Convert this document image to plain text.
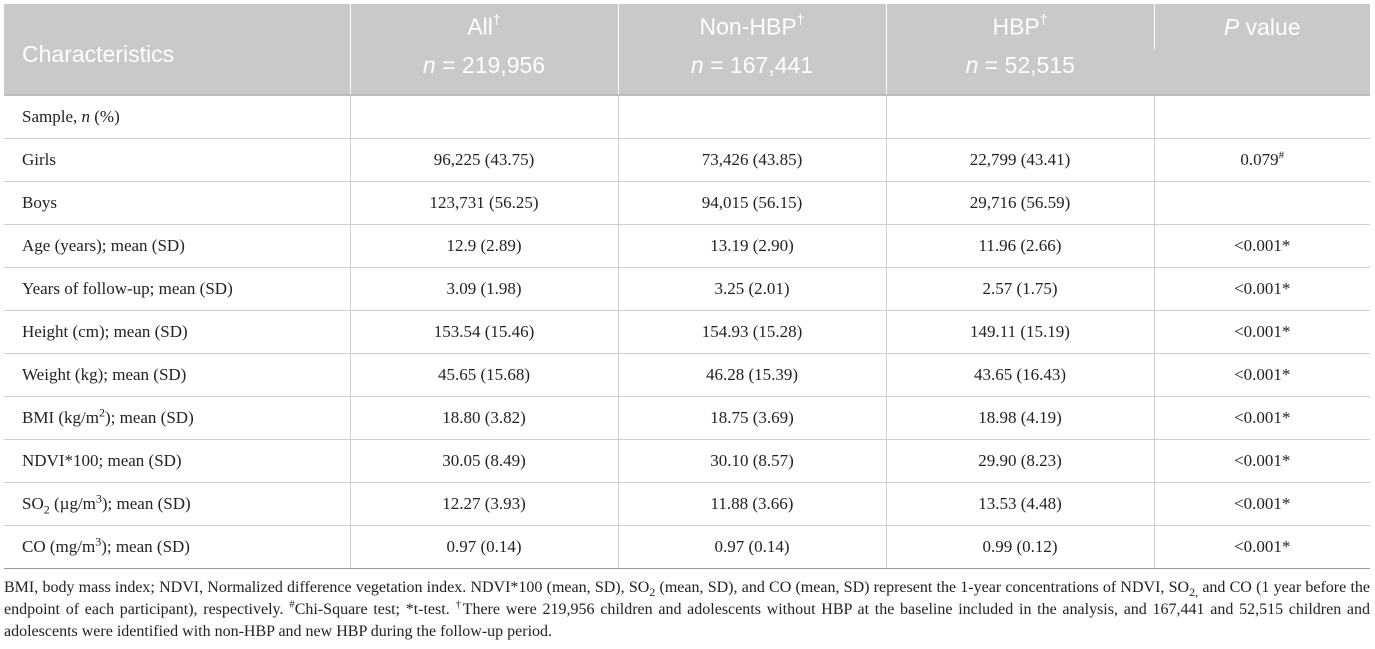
Characteristics	All†	Non-HBP†	HBP†	P value
	n = 219,956	n = 167,441	n = 52,515	
Sample, n (%)				
Girls	96,225 (43.75)	73,426 (43.85)	22,799 (43.41)	0.079#
Boys	123,731 (56.25)	94,015 (56.15)	29,716 (56.59)	
Age (years); mean (SD)	12.9 (2.89)	13.19 (2.90)	11.96 (2.66)	<0.001*
Years of follow-up; mean (SD)	3.09 (1.98)	3.25 (2.01)	2.57 (1.75)	<0.001*
Height (cm); mean (SD)	153.54 (15.46)	154.93 (15.28)	149.11 (15.19)	<0.001*
Weight (kg); mean (SD)	45.65 (15.68)	46.28 (15.39)	43.65 (16.43)	<0.001*
BMI $(kg/m^2)$; mean (SD)	18.80 (3.82)	18.75 (3.69)	18.98 (4.19)	<0.001*
NDVI*100; mean (SD)	30.05 (8.49)	30.10 (8.57)	29.90 (8.23)	<0.001*
$SO_2$ $(\mu g/m^3)$; mean (SD)	12.27 (3.93)	11.88 (3.66)	13.53 (4.48)	<0.001*
CO $(mg/m^3)$; mean (SD)	0.97 (0.14)	0.97 (0.14)	0.99 (0.12)	<0.001*
BMI, body mass index; NDVI, Normalized difference vegetation index. NDVI*100 (mean, SD), $SO_2$ (mean, SD), and CO (mean, SD) represent the 1-year concentrations of NDVI, $SO_{2,}$ and CO (1 year before the endpoint of each participant), respectively. #Chi-Square test; *t-test. †There were 219,956 children and adolescents without HBP at the baseline included in the analysis, and 167,441 and 52,515 children and adolescents were identified with non-HBP and new HBP during the follow-up period.
